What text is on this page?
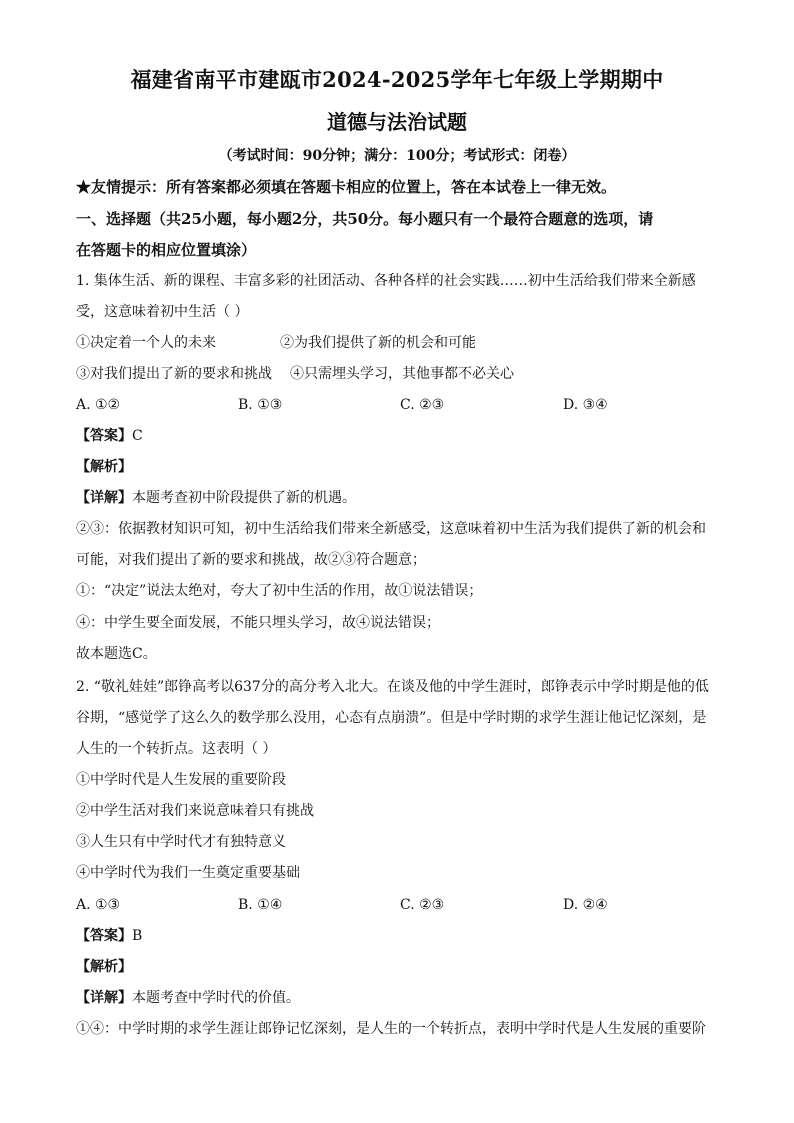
福建省南平市建瓯市2024-2025学年七年级上学期期中
道德与法治试题
（考试时间：90分钟；满分：100分；考试形式：闭卷）
★友情提示：所有答案都必须填在答题卡相应的位置上，答在本试卷上一律无效。
一、选择题（共25小题，每小题2分，共50分。每小题只有一个最符合题意的选项，请
在答题卡的相应位置填涂）
1. 集体生活、新的课程、丰富多彩的社团活动、各种各样的社会实践……初中生活给我们带来全新感
受，这意味着初中生活（ ）
①决定着一个人的未来	②为我们提供了新的机会和可能
③对我们提出了新的要求和挑战 ④只需埋头学习，其他事都不必关心
A. ①②	B. ①③	C. ②③	D. ③④
【答案】C
【解析】
【详解】本题考查初中阶段提供了新的机遇。
②③：依据教材知识可知，初中生活给我们带来全新感受，这意味着初中生活为我们提供了新的机会和
可能，对我们提出了新的要求和挑战，故②③符合题意；
①：“决定”说法太绝对，夸大了初中生活的作用，故①说法错误；
④：中学生要全面发展，不能只埋头学习，故④说法错误；
故本题选C。
2. “敬礼娃娃”郎铮高考以637分的高分考入北大。在谈及他的中学生涯时，郎铮表示中学时期是他的低
谷期，“感觉学了这么久的数学那么没用，心态有点崩溃”。但是中学时期的求学生涯让他记忆深刻，是
人生的一个转折点。这表明（ ）
①中学时代是人生发展的重要阶段
②中学生活对我们来说意味着只有挑战
③人生只有中学时代才有独特意义
④中学时代为我们一生奠定重要基础
A. ①③	B. ①④	C. ②③	D. ②④
【答案】B
【解析】
【详解】本题考查中学时代的价值。
①④：中学时期的求学生涯让郎铮记忆深刻，是人生的一个转折点，表明中学时代是人生发展的重要阶
